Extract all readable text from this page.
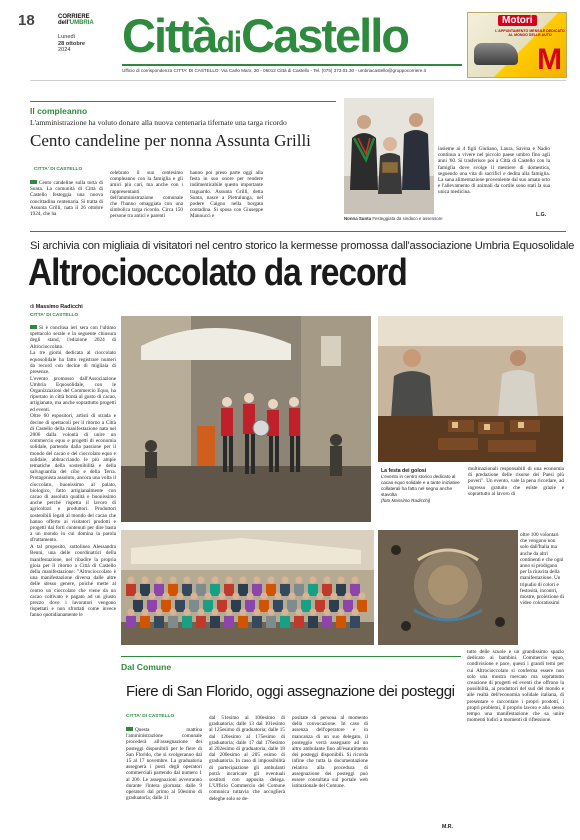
18	CORRIERE
dell'UMBRIA
Lunedì
28 ottobre
2024	CittàdiCastello
Ufficio di corrispondenza CITTA' DI CASTELLO: Via Carlo Marx, 20 - 06012 Città di Castello - Tel. (075) 373.01.30 - umbriacastello@gruppocorriere.it
Motori
L'APPUNTAMENTO MENSILE DEDICATO AL MONDO DELLE AUTO
M
Il compleanno
L'amministrazione ha voluto donare alla nuova centenaria tifernate una targa ricordo
Cento candeline per nonna Assunta Grilli
CITTA' DI CASTELLO

Cento candeline sulla torta di Sunta. La comunità di Città di Castello festeggia una nuova concittadina centenaria. Si tratta di Assunta Grilli, nata il 26 ottobre 1924, che ha

celebrato il suo centesimo compleanno con la famiglia e gli amici più cari, ma anche con i rappresentanti dell'amministrazione comunale che l'hanno omaggiata con una simbolica targa ricordo. Circa 150 persone tra amici e parenti
hanno poi preso parte oggi alla festa in suo onore per rendere indimenticabile questo importante traguardo. Assunta Grilli, detta Sunta, nasce a Pietralunga, nel podere Caigno nella borgata contadina. Si sposa con Giuseppe Mannucci e
insieme ai 4 figli Giuliano, Laura, Savina e Nadio continua a vivere nel piccolo paese umbro fino agli anni '60. Si trasferisce poi a Città di Castello con la famiglia dove svolge il mestiere di domestica, seguendo una vita di sacrifici e dedita alla famiglia. La sana alimentazione proveniente dal suo amato orto e l'allevamento di animali da cortile sono stati la sua unica medicina.
Nonna Sunta Festeggiata da sindaco e assessore
L.G.
Si archivia con migliaia di visitatori nel centro storico la kermesse promossa dall'associazione Umbria Equosolidale
Altrocioccolato da record
di Massimo Radicchi
CITTA' DI CASTELLO

Si è conclusa ieri sera con l'ultimo spettacolo serale e la seguente chiusura degli stand, l'edizione 2024 di Altrocioccolato.

La tre giorni dedicata al cioccolato equosolidale ha fatto registrare numeri da record con decine di migliaia di presenze.

L'evento promosso dall'Associazione Umbria Equosolidale, con le Organizzazioni del Commercio Equo, ha riportato in città bontà al gusto di cacao, artigianato, ma anche soprattutto progetti ed eventi.

Oltre 60 espositori, artisti di strada e decine di spettacoli per il ritorno a Città di Castello della manifestazione nata nel 2006 dalla volontà di unire un commercio equo e progetti di economia solidale, partendo dalla passione per il mondo del cacao e del cioccolato equo e solidale, abbracciando le più ampie tematiche della sostenibilità e della salvaguardia del cibo e della Terra. Protagonista assoluto, ancora una volta il cioccolato, buonissimo al palato, biologico, fatto artigianalmente con cacao di assoluta qualità e buonissimo anche perché rispetta il lavoro di agricoltori e produttori. Produttori sostenibili legati al mondo del cacao che hanno offerto ai visitatori prodotti e progetti dai forti contenuti per dire basta a un mondo in cui domina la parola sfruttamento.

A tal proposito, sottolinea Alessandra Benni, una delle coordinatrici della manifestazione, nel ribadire la propria gioia per il ritorno a Città di Castello della manifestazione: "Altrocioccolato è una manifestazione diversa dalle altre delle stesso genere, poiché mette al centro un cioccolato che viene da un cacao coltivato e pagato ad un giusto prezzo dove i lavoratori vengono rispettati e non sfruttati come invece fanno quotidianamente le

La festa dei golosi
L'evento in centro storico dedicato al cacao equo solidale e a tante iniziative collaterali ha fatto nel segno anche stavolta
(foto Massimo Radicchi)
multinazionali responsabili di una economia di predazione delle risorse dei Paesi più poveri". Un evento, vale la pena ricordare, ad ingresso gratuito che esiste grazie e soprattutto al lavoro di
oltre 100 volontari che vengono non solo dall'Italia ma anche da altri continenti e che ogni anno si prodigano per la riuscita della manifestazione. Un tripudio di colori e festosità, incontri, mostre, proiezione di video coloratissimi
tutto delle scuole e un grandissimo spazio dedicato ai bambini. Commercio equo, condivisione e pace, questi i grandi temi per cui Altrocioccolato si conferma essere non solo una mostra mercato ma soprattutto creazione di progetti ed eventi che offrono la possibilità, ai produttori del sud del mondo e alle realtà dell'economia solidale italiana, di presentare e raccontare i propri prodotti, i propri problemi, il proprio lavoro e allo stesso tempo una manifestazione che sa unire momenti ludici a momenti di riflessione.
Dal Comune
Fiere di San Florido, oggi assegnazione dei posteggi
CITTA' DI CASTELLO

Questa mattina l'amministrazione comunale procederà all'assegnazione dei posteggi disponibili per le fiere di San Florido, che si svolgeranno dal 15 al 17 novembre. La graduatoria assegnerà i posti degli operatori commerciali partendo dal numero 1 al 200. Le assegnazioni avverranno durante l'intera giornata: dalle 9 operatori dal primo al 50esimo di graduatoria; dalle 11

dal 51esimo al 100esimo di graduatoria; dalle 13 dal 101esimo al 125esimo di graduatoria; dalle 15 dal 126esimo al 175esimo di graduatoria; dalle 17 dal 176esimo al 202esimo di graduatoria; dalle 18 dal 200esimo al 205 esimo di graduatoria. In caso di impossibilità di partecipazione gli ambulanti potrà incaricare gli eventuali sostituti con apposita delega. L'Ufficio Commercio del Comune comunica tuttavia che accoglierà deleghe solo se de-
positate di persona al momento della convocazione. In caso di assenza dell'operatore e in mancanza di un suo delegato, il posteggio verrà assegnato ad un altro ambulante fino all'esaurimento dei posteggi disponibili. Si ricorda infine che tutta la documentazione relativa alla procedura di assegnazione dei posteggi può essere consultata sul portale web istituzionale del Comune.
M.R.
